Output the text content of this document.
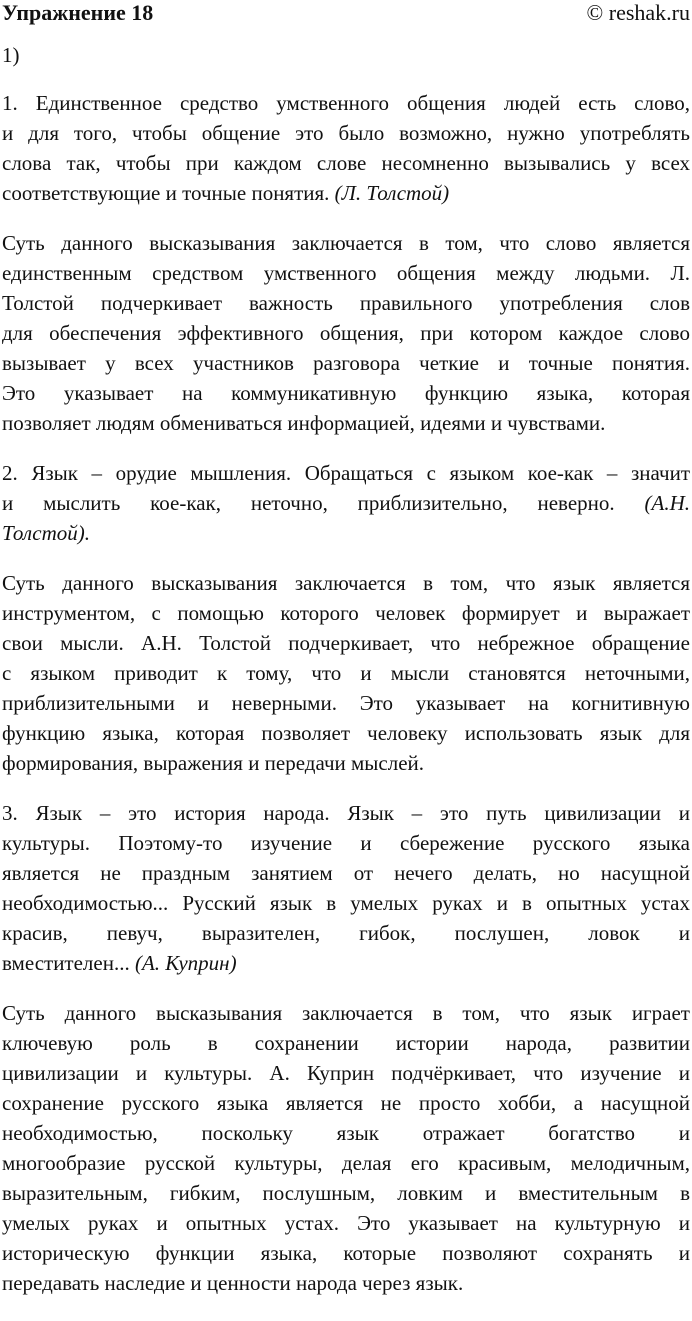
Упражнение 18	© reshak.ru
1)
1. Единственное средство умственного общения людей есть слово,
и для того, чтобы общение это было возможно, нужно употреблять
слова так, чтобы при каждом слове несомненно вызывались у всех
соответствующие и точные понятия. (Л. Толстой)
Суть данного высказывания заключается в том, что слово является
единственным средством умственного общения между людьми. Л.
Толстой подчеркивает важность правильного употребления слов
для обеспечения эффективного общения, при котором каждое слово
вызывает у всех участников разговора четкие и точные понятия.
Это указывает на коммуникативную функцию языка, которая
позволяет людям обмениваться информацией, идеями и чувствами.
2. Язык – орудие мышления. Обращаться с языком кое-как – значит
и мыслить кое-как, неточно, приблизительно, неверно. (А.Н.
Толстой).
Суть данного высказывания заключается в том, что язык является
инструментом, с помощью которого человек формирует и выражает
свои мысли. А.Н. Толстой подчеркивает, что небрежное обращение
с языком приводит к тому, что и мысли становятся неточными,
приблизительными и неверными. Это указывает на когнитивную
функцию языка, которая позволяет человеку использовать язык для
формирования, выражения и передачи мыслей.
3. Язык – это история народа. Язык – это путь цивилизации и
культуры. Поэтому-то изучение и сбережение русского языка
является не праздным занятием от нечего делать, но насущной
необходимостью... Русский язык в умелых руках и в опытных устах
красив, певуч, выразителен, гибок, послушен, ловок и
вместителен... (А. Куприн)
Суть данного высказывания заключается в том, что язык играет
ключевую роль в сохранении истории народа, развитии
цивилизации и культуры. А. Куприн подчёркивает, что изучение и
сохранение русского языка является не просто хобби, а насущной
необходимостью, поскольку язык отражает богатство и
многообразие русской культуры, делая его красивым, мелодичным,
выразительным, гибким, послушным, ловким и вместительным в
умелых руках и опытных устах. Это указывает на культурную и
историческую функции языка, которые позволяют сохранять и
передавать наследие и ценности народа через язык.
